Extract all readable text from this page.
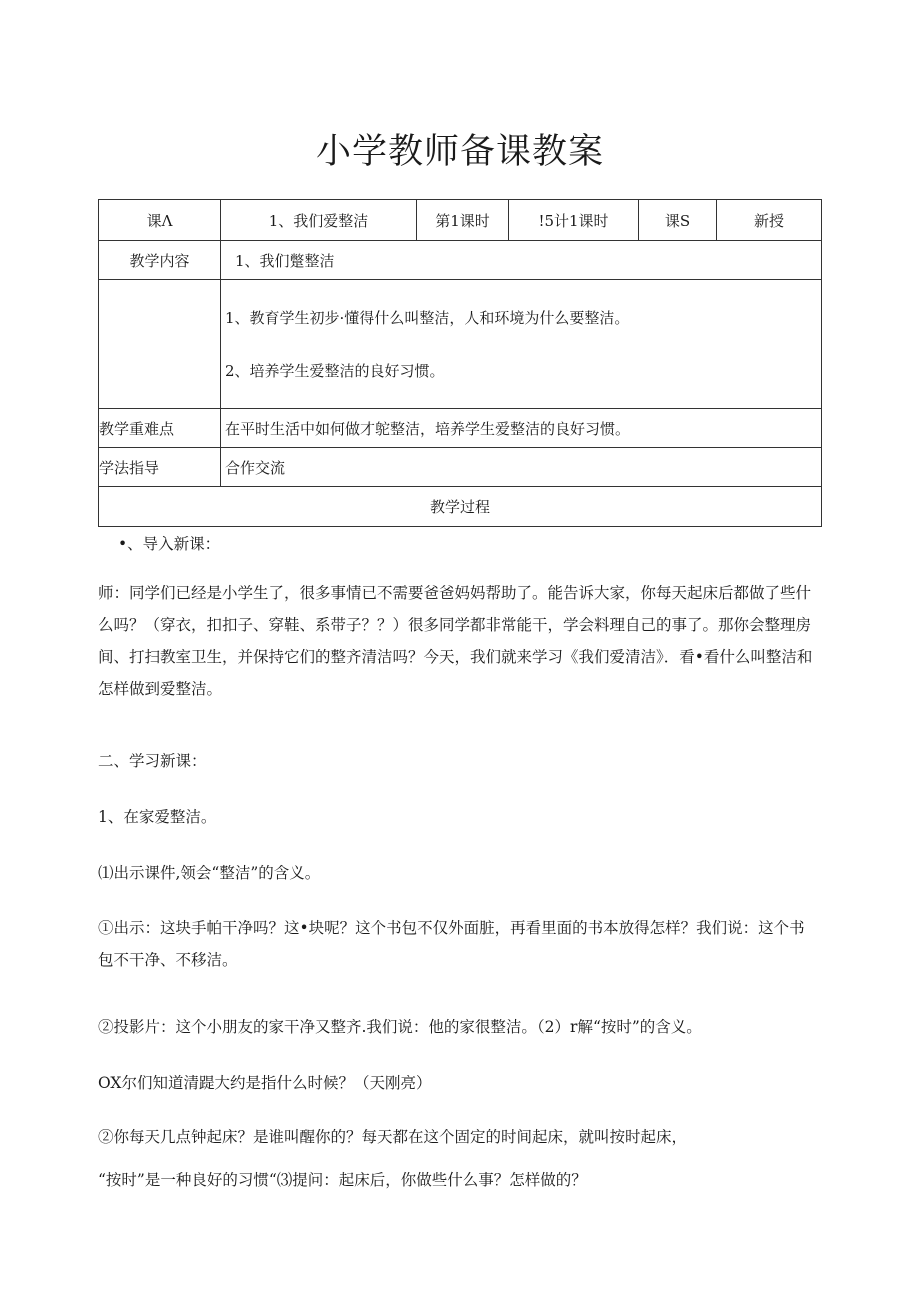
小学教师备课教案
课Λ	1、我们爱整洁	第1课时	!5计1课时	课S	新授
教学内容	1、我们蹩整洁				

	1、教育学生初步·懂得什么叫整洁，人和环境为什么要整洁。
2、培养学生爱整洁的良好习惯。				

教学重难点	在平时生活中如何做才鸵整洁，培养学生爱整洁的良好习惯。				
学法指导	合作交流				
教学过程					

•、导入新课：

师：同学们已经是小学生了，很多事情已不需要爸爸妈妈帮助了。能告诉大家，你每天起床后都做了些什么吗？（穿衣，扣扣子、穿鞋、系带子？？）很多同学都非常能干，学会料理自己的事了。那你会整理房间、打扫教室卫生，并保持它们的整齐清洁吗？今天，我们就来学习《我们爱清洁》．看•看什么叫整洁和怎样做到爱整洁。

二、学习新课：

1、在家爱整洁。

⑴出示课件,领会“整洁”的含义。

①出示：这块手帕干净吗？这•块呢？这个书包不仅外面脏，再看里面的书本放得怎样？我们说：这个书包不干净、不移洁。

②投影片：这个小朋友的家干净又整齐.我们说：他的家很整洁。（2）r解“按时”的含义。

OX尔们知道清踶大约是指什么时候？（天刚亮）

②你每天几点钟起床？是谁叫醒你的？每天都在这个固定的时间起床，就叫按时起床，

“按时”是一种良好的习惯“⑶提问：起床后，你做些什么事？怎样做的？
